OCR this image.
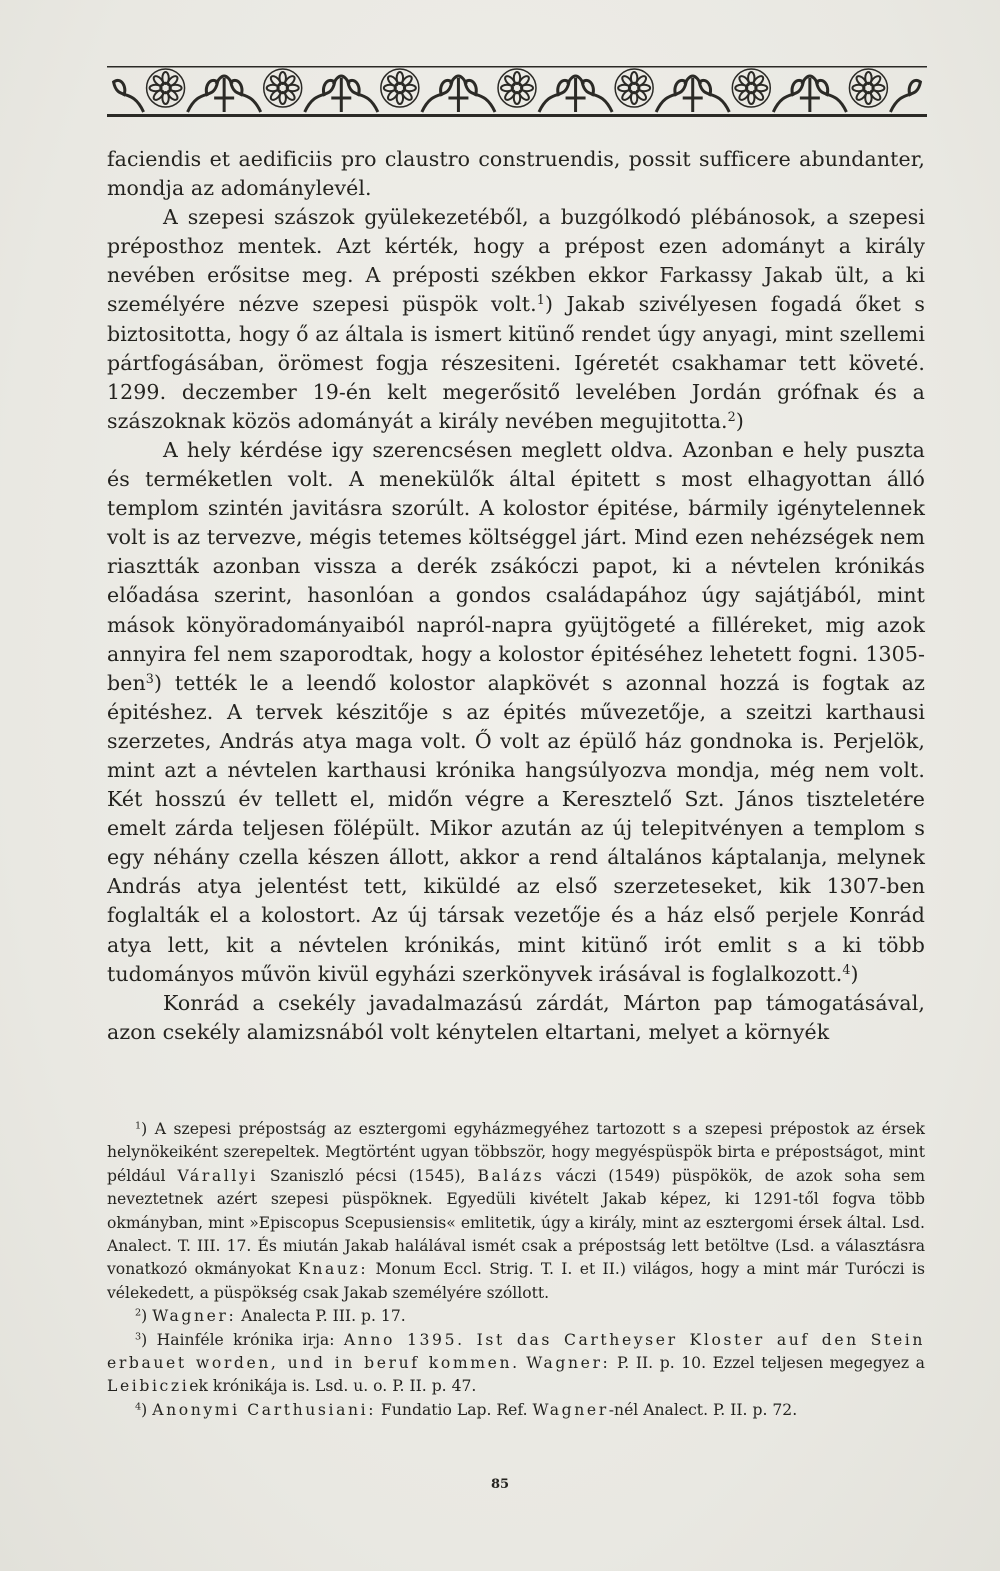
faciendis et aedificiis pro claustro construendis, possit sufficere abundanter, mondja az adománylevél.

A szepesi szászok gyülekezetéből, a buzgólkodó plébánosok, a szepesi préposthoz mentek. Azt kérték, hogy a prépost ezen adományt a király nevében erősitse meg. A préposti székben ekkor Farkassy Jakab ült, a ki személyére nézve szepesi püspök volt.$^1$) Jakab szivélyesen fogadá őket s biztositotta, hogy ő az általa is ismert kitünő rendet úgy anyagi, mint szellemi pártfogásában, örömest fogja részesiteni. Igéretét csakhamar tett követé. 1299. deczember 19-én kelt megerősitő levelében Jordán grófnak és a szászoknak közös adományát a király nevében megujitotta.$^2$)

A hely kérdése igy szerencsésen meglett oldva. Azonban e hely puszta és terméketlen volt. A menekülők által épitett s most elhagyottan álló templom szintén javitásra szorúlt. A kolostor épitése, bármily igénytelennek volt is az tervezve, mégis tetemes költséggel járt. Mind ezen nehézségek nem riasztták azonban vissza a derék zsákóczi papot, ki a névtelen krónikás előadása szerint, hasonlóan a gondos családapához úgy sajátjából, mint mások könyöradományaiból napról-napra gyüjtögeté a filléreket, mig azok annyira fel nem szaporodtak, hogy a kolostor épitéséhez lehetett fogni. 1305-ben$^3$) tették le a leendő kolostor alapkövét s azonnal hozzá is fogtak az épitéshez. A tervek készitője s az épités művezetője, a szeitzi karthausi szerzetes, András atya maga volt. Ő volt az épülő ház gondnoka is. Perjelök, mint azt a névtelen karthausi krónika hangsúlyozva mondja, még nem volt. Két hosszú év tellett el, midőn végre a Keresztelő Szt. János tiszteletére emelt zárda teljesen fölépült. Mikor azután az új telepitvényen a templom s egy néhány czella készen állott, akkor a rend általános káptalanja, melynek András atya jelentést tett, kiküldé az első szerzeteseket, kik 1307-ben foglalták el a kolostort. Az új társak vezetője és a ház első perjele Konrád atya lett, kit a névtelen krónikás, mint kitünő irót emlit s a ki több tudományos művön kivül egyházi szerkönyvek irásával is foglalkozott.$^4$)

Konrád a csekély javadalmazású zárdát, Márton pap támogatásával, azon csekély alamizsnából volt kénytelen eltartani, melyet a környék

$^1$) A szepesi prépostság az esztergomi egyházmegyéhez tartozott s a szepesi prépostok az érsek helynökeiként szerepeltek. Megtörtént ugyan többször, hogy megyéspüspök birta e prépostságot, mint például Várallyi Szaniszló pécsi (1545), Balázs váczi (1549) püspökök, de azok soha sem neveztetnek azért szepesi püspöknek. Egyedüli kivételt Jakab képez, ki 1291-től fogva több okmányban, mint »Episcopus Scepusiensis« emlitetik, úgy a király, mint az esztergomi érsek által. Lsd. Analect. T. III. 17. És miután Jakab halálával ismét csak a prépostság lett betöltve (Lsd. a választásra vonatkozó okmányokat Knauz: Monum Eccl. Strig. T. I. et II.) világos, hogy a mint már Turóczi is vélekedett, a püspökség csak Jakab személyére szóllott.

$^2$) Wagner: Analecta P. III. p. 17.

$^3$) Hainféle krónika irja: Anno 1395. Ist das Cartheyser Kloster auf den Stein erbauet worden, und in beruf kommen. Wagner: P. II. p. 10. Ezzel teljesen megegyez a Leibicziek krónikája is. Lsd. u. o. P. II. p. 47.

$^4$) Anonymi Carthusiani: Fundatio Lap. Ref. Wagner-nél Analect. P. II. p. 72.

85
